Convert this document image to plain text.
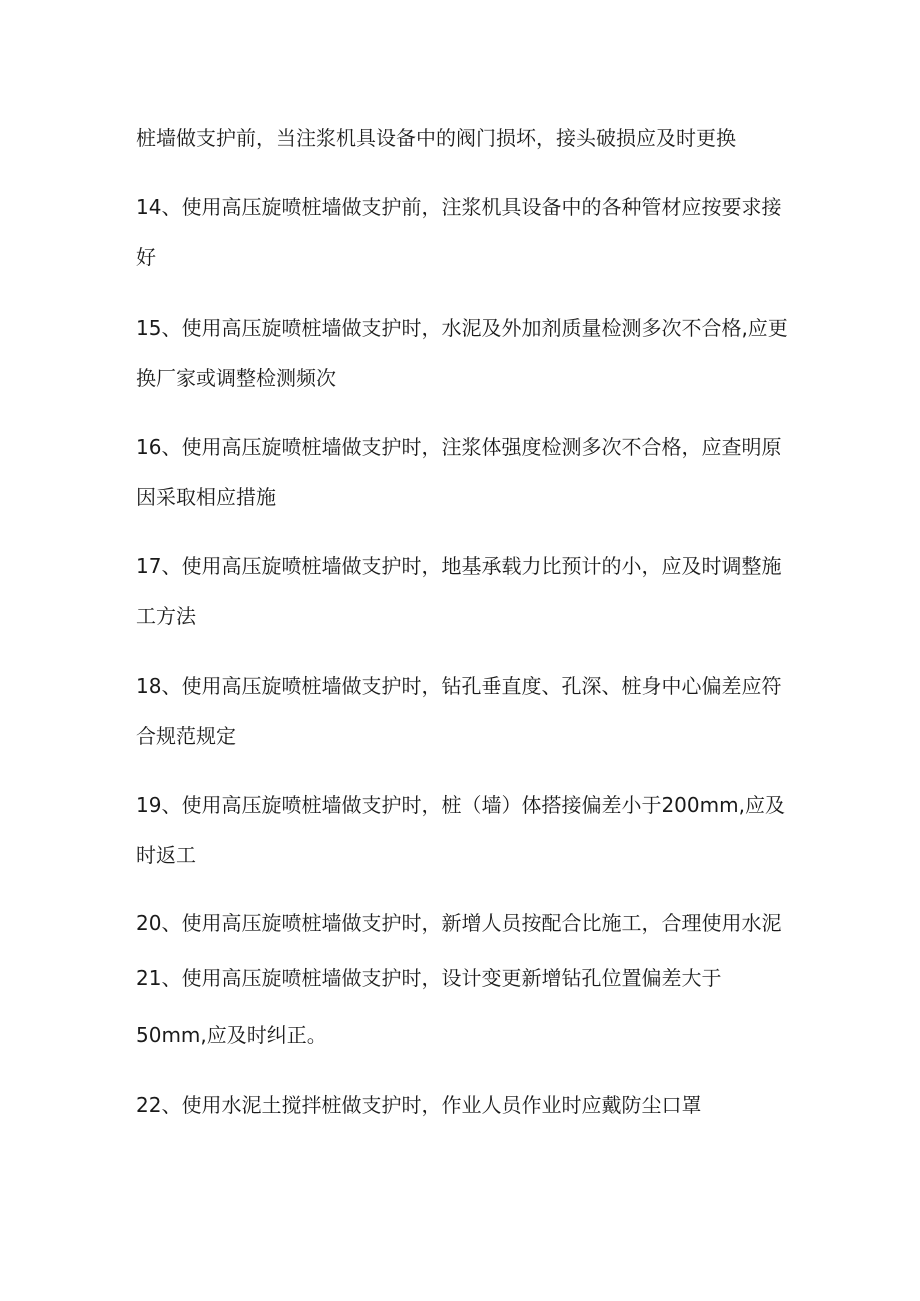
桩墙做支护前，当注浆机具设备中的阀门损坏，接头破损应及时更换
14、使用高压旋喷桩墙做支护前，注浆机具设备中的各种管材应按要求接
好
15、使用高压旋喷桩墙做支护时，水泥及外加剂质量检测多次不合格,应更
换厂家或调整检测频次
16、使用高压旋喷桩墙做支护时，注浆体强度检测多次不合格，应查明原
因采取相应措施
17、使用高压旋喷桩墙做支护时，地基承载力比预计的小，应及时调整施
工方法
18、使用高压旋喷桩墙做支护时，钻孔垂直度、孔深、桩身中心偏差应符
合规范规定
19、使用高压旋喷桩墙做支护时，桩（墙）体搭接偏差小于200mm,应及
时返工
20、使用高压旋喷桩墙做支护时，新增人员按配合比施工，合理使用水泥
21、使用高压旋喷桩墙做支护时，设计变更新增钻孔位置偏差大于
50mm,应及时纠正。
22、使用水泥土搅拌桩做支护时，作业人员作业时应戴防尘口罩
